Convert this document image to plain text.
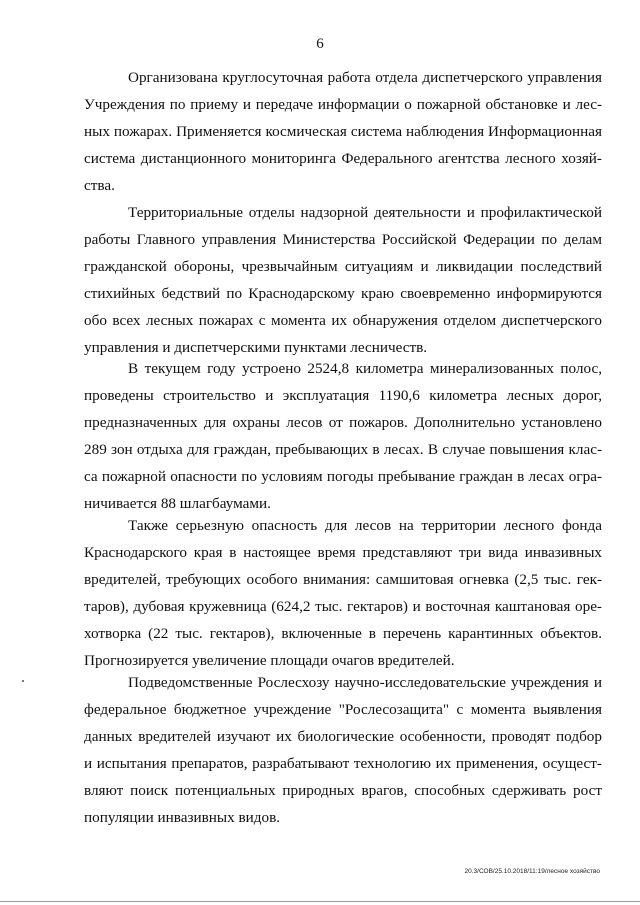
6

Организована круглосуточная работа отдела диспетчерского управления
Учреждения по приему и передаче информации о пожарной обстановке и лес-
ных пожарах. Применяется космическая система наблюдения Информационная
система дистанционного мониторинга Федерального агентства лесного хозяй-
ства.

Территориальные отделы надзорной деятельности и профилактической
работы Главного управления Министерства Российской Федерации по делам
гражданской обороны, чрезвычайным ситуациям и ликвидации последствий
стихийных бедствий по Краснодарскому краю своевременно информируются
обо всех лесных пожарах с момента их обнаружения отделом диспетчерского
управления и диспетчерскими пунктами лесничеств.

В текущем году устроено 2524,8 километра минерализованных полос,
проведены строительство и эксплуатация 1190,6 километра лесных дорог,
предназначенных для охраны лесов от пожаров. Дополнительно установлено
289 зон отдыха для граждан, пребывающих в лесах. В случае повышения клас-
са пожарной опасности по условиям погоды пребывание граждан в лесах огра-
ничивается 88 шлагбаумами.

Также серьезную опасность для лесов на территории лесного фонда
Краснодарского края в настоящее время представляют три вида инвазивных
вредителей, требующих особого внимания: самшитовая огневка (2,5 тыс. гек-
таров), дубовая кружевница (624,2 тыс. гектаров) и восточная каштановая оре-
хотворка (22 тыс. гектаров), включенные в перечень карантинных объектов.
Прогнозируется увеличение площади очагов вредителей.

Подведомственные Рослесхозу научно-исследовательские учреждения и
федеральное бюджетное учреждение "Рослесозащита" с момента выявления
данных вредителей изучают их биологические особенности, проводят подбор
и испытания препаратов, разрабатывают технологию их применения, осущест-
вляют поиск потенциальных природных врагов, способных сдерживать рост
популяции инвазивных видов.

20.3/СОВ/25.10.2018/11:19/лесное хозяйство
